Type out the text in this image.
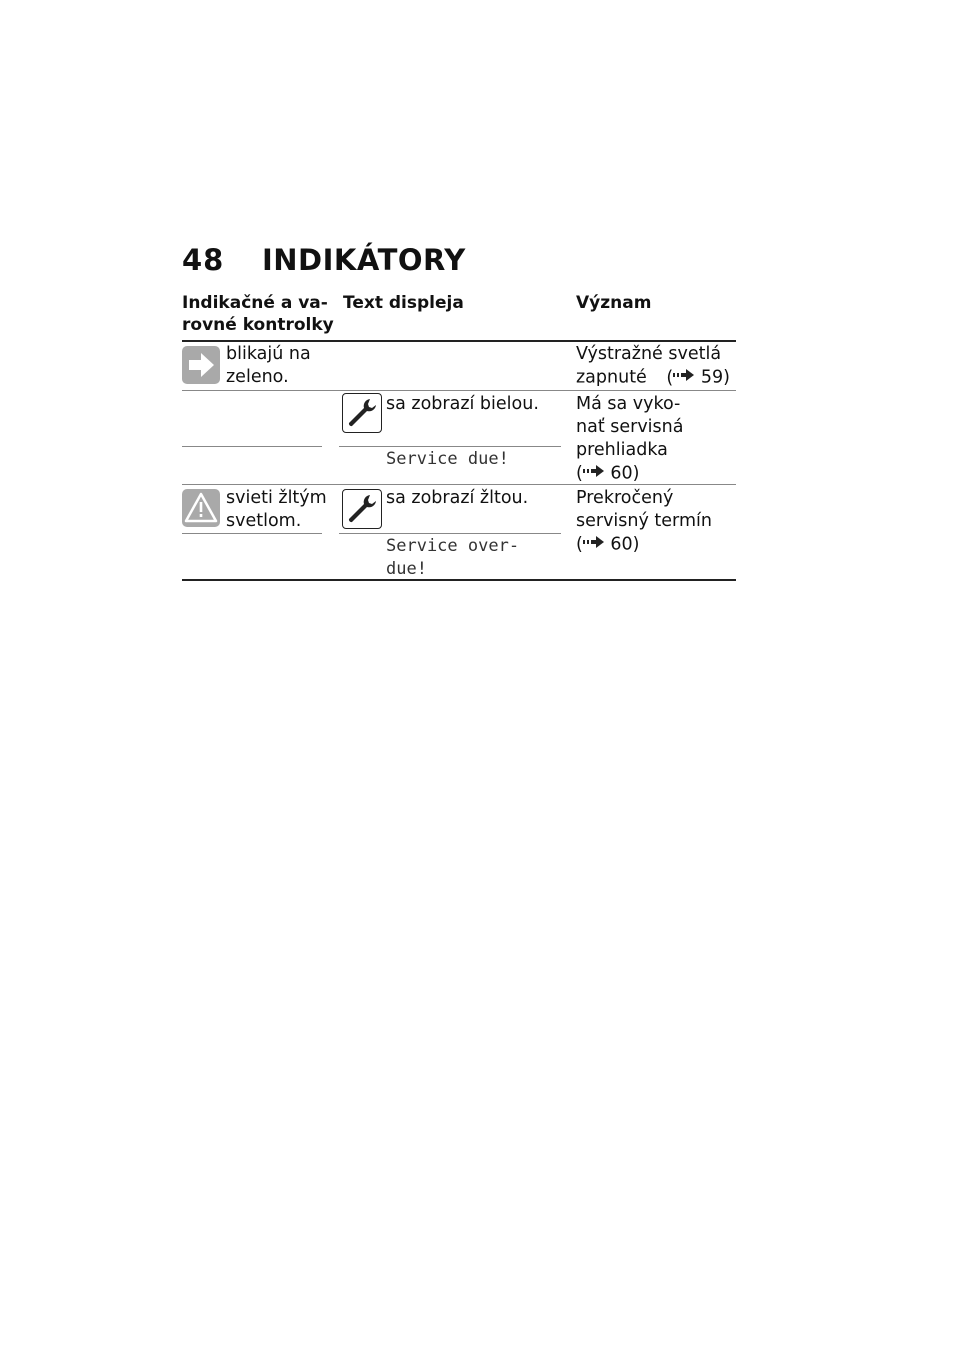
48 INDIKÁTORY
Indikačné a va-
rovné kontrolky
Text displeja	Význam
blikajú na
zeleno.
Výstražné svetlá
zapnuté ( 59)
sa zobrazí bielou.
Service due!
Má sa vyko-
nať servisná
prehliadka
( 60)
svieti žltým
svetlom.
sa zobrazí žltou.
Service over-
due!
Prekročený
servisný termín
( 60)
